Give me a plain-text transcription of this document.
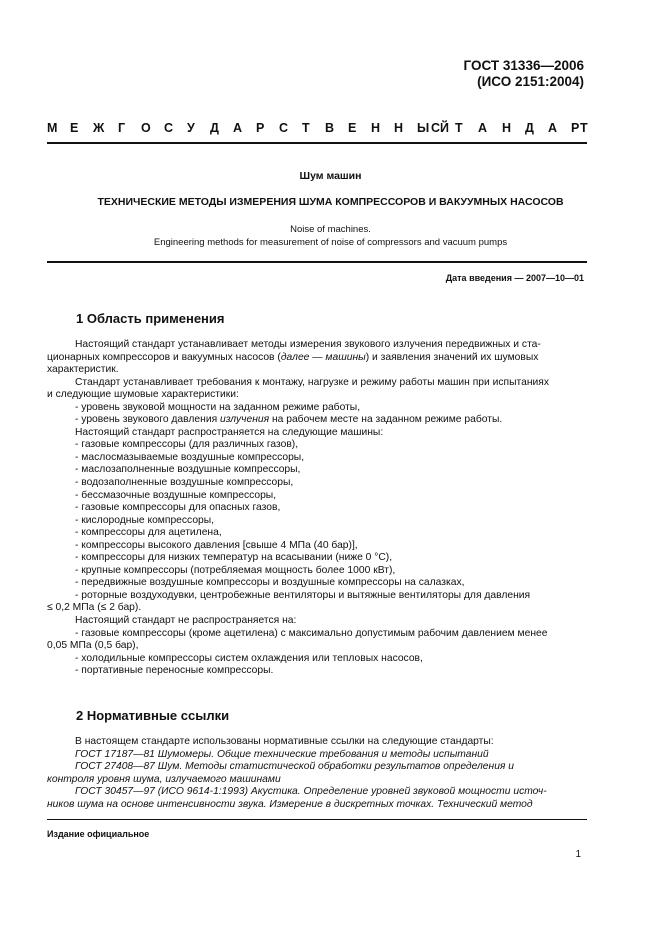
ГОСТ 31336—2006
(ИСО 2151:2004)
М Е Ж Г О С У Д А Р С Т В Е Н Н Ы Й
С Т А Н Д А Р Т
Шум машин
ТЕХНИЧЕСКИЕ МЕТОДЫ ИЗМЕРЕНИЯ ШУМА КОМПРЕССОРОВ И ВАКУУМНЫХ НАСОСОВ
Noise of machines.
Engineering methods for measurement of noise of compressors and vacuum pumps
Дата введения — 2007—10—01
1 Область применения

Настоящий стандарт устанавливает методы измерения звукового излучения передвижных и ста-

ционарных компрессоров и вакуумных насосов (далее — машины) и заявления значений их шумовых

характеристик.

Стандарт устанавливает требования к монтажу, нагрузке и режиму работы машин при испытаниях

и следующие шумовые характеристики:

- уровень звуковой мощности на заданном режиме работы,

- уровень звукового давления излучения на рабочем месте на заданном режиме работы.

Настоящий стандарт распространяется на следующие машины:

- газовые компрессоры (для различных газов),

- маслосмазываемые воздушные компрессоры,

- маслозаполненные воздушные компрессоры,

- водозаполненные воздушные компрессоры,

- бессмазочные воздушные компрессоры,

- газовые компрессоры для опасных газов,

- кислородные компрессоры,

- компрессоры для ацетилена,

- компрессоры высокого давления [свыше 4 МПа (40 бар)],

- компрессоры для низких температур на всасывании (ниже 0 °C),

- крупные компрессоры (потребляемая мощность более 1000 кВт),

- передвижные воздушные компрессоры и воздушные компрессоры на салазках,

- роторные воздуходувки, центробежные вентиляторы и вытяжные вентиляторы для давления

≤ 0,2 МПа (≤ 2 бар).

Настоящий стандарт не распространяется на:

- газовые компрессоры (кроме ацетилена) с максимально допустимым рабочим давлением менее

0,05 МПа (0,5 бар),

- холодильные компрессоры систем охлаждения или тепловых насосов,

- портативные переносные компрессоры.

2 Нормативные ссылки

В настоящем стандарте использованы нормативные ссылки на следующие стандарты:

ГОСТ 17187—81 Шумомеры. Общие технические требования и методы испытаний

ГОСТ 27408—87 Шум. Методы статистической обработки результатов определения и

контроля уровня шума, излучаемого машинами

ГОСТ 30457—97 (ИСО 9614-1:1993) Акустика. Определение уровней звуковой мощности источ-

ников шума на основе интенсивности звука. Измерение в дискретных точках. Технический метод

Издание официальное
1
